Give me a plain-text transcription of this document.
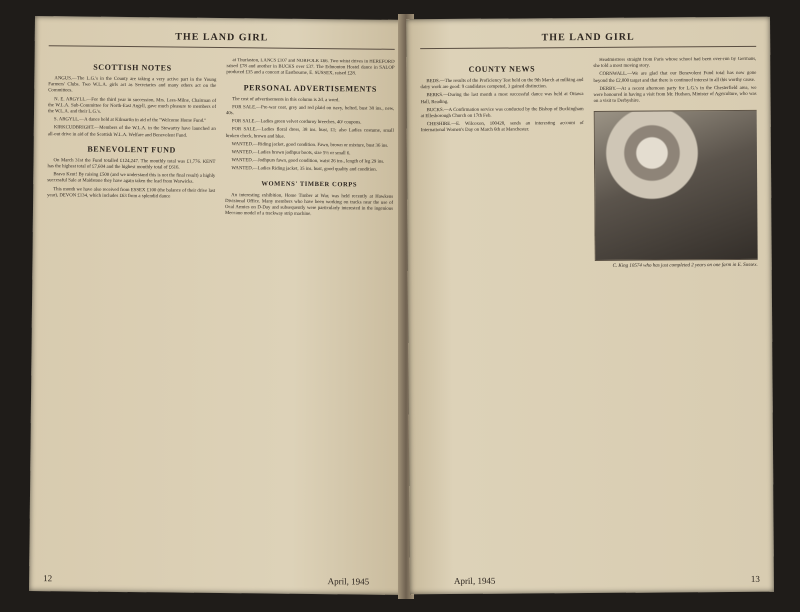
THE LAND GIRL
SCOTTISH NOTES

ANGUS.—The L.G.'s in the County are taking a very active part in the Young Farmers' Clubs. Two W.L.A. girls act as Secretaries and many others act on the Committees.

N. E. ARGYLL.—For the third year in succession, Mrs. Lees-Milne, Chairman of the W.L.A. Sub-Committee for North-East Argyll, gave much pleasure to members of the W.L.A. and their L.G.'s.

S. ARGYLL.—A dance held at Kilmartin in aid of the "Welcome Home Fund."

KIRKCUDBRIGHT.—Members of the W.L.A. in the Stewartry have launched an all-out drive in aid of the Scottish W.L.A. Welfare and Benevolent Fund.

BENEVOLENT FUND

On March 31st the Fund totalled £124,247. The monthly total was £1,776. KENT has the highest total of £7,604 and the highest monthly total of £616.

Bravo Kent! By raising £500 (and we understand this is not the final result) a highly successful Sale at Maidstone they have again taken the lead from Warwicks.

This month we have also received from ESSEX £100 (the balance of their drive last year), DEVON £134, which includes £63 from a splendid dance

at Thurlaston, LANCS £107 and NORFOLK £66. Two whist drives in HEREFORD raised £78 and another in BUCKS over £37. The Edmonton Hostel dance in SALOP produced £35 and a concert at Eastbourne, E. SUSSEX, raised £28.

PERSONAL ADVERTISEMENTS

The cost of advertisements in this column is 2d. a word.

FOR SALE.—Pre-war coat, grey and red plaid on navy, belted, bust 38 ins., new, 40s.

FOR SALE.—Ladies green velvet corduroy breeches, 40/ coupons.

FOR SALE.—Ladies floral dress, 38 ins. bust, £1; also Ladies costume, small broken check, brown and blue.

WANTED.—Riding jacket, good condition. Fawn, brown or mixture, bust 36 ins.

WANTED.—Ladies brown jodhpur boots, size 5½ or small 6.

WANTED.—Jodhpurs fawn, good condition, waist 26 ins., length of leg 29 ins.

WANTED.—Ladies Riding jacket, 35 ins. bust, good quality and condition.

WOMENS' TIMBER CORPS

An interesting exhibition, Home Timber at War, was held recently at Hawkens Divisional Office. Many members who have been working on tracks near the use of Ocal Armies on D-Day and subsequently were particularly interested in the ingenious Meccano model of a trackway strip machine.

12	April, 1945
THE LAND GIRL
COUNTY NEWS

BEDS.—The results of the Proficiency Test held on the 9th March at milking and dairy work are good: 9 candidates competed, 3 gained distinction.

BERKS.—During the last month a most successful dance was held at Ottawa Hall, Reading.

BUCKS.—A Confirmation service was conducted by the Bishop of Buckingham at Ellesborough Church on 17th Feb.

CHESHIRE.—E. Wilcoxon, 100428, sends an interesting account of International Women's Day on March 6th at Manchester.

Headmistress straight from Paris whose school had been over-run by Germans, she told a most moving story.

CORNWALL.—We are glad that our Benevolent Fund total has now gone beyond the £2,000 target and that there is continued interest in all this worthy cause.

DERBY.—At a recent afternoon party for L.G.'s in the Chesterfield area, we were honoured in having a visit from Mr. Hudson, Minister of Agriculture, who was on a visit to Derbyshire.

C. King 10574 who has just completed 2 years on one farm in E. Sussex.
April, 1945	13
